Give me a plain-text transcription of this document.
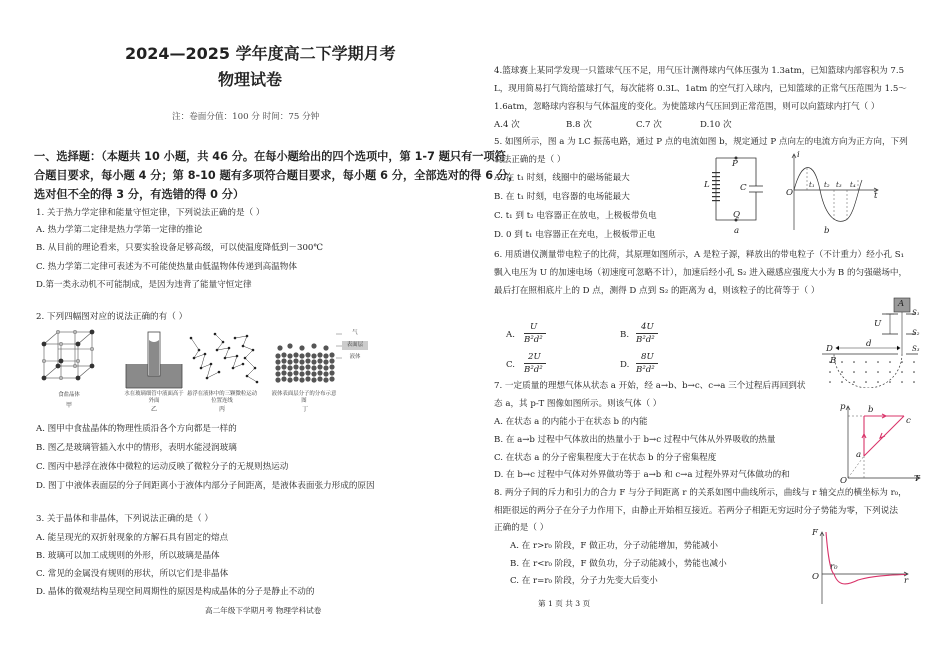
2024—2025 学年度高二下学期月考
物理试卷
注：卷面分值：100 分 时间：75 分钟
一、选择题：（本题共 10 小题，共 46 分。在每小题给出的四个选项中，第 1-7 题只有一项符
合题目要求，每小题 4 分；第 8-10 题有多项符合题目要求，每小题 6 分，全部选对的得 6 分，
选对但不全的得 3 分，有选错的得 0 分）
1. 关于热力学定律和能量守恒定律，下列说法正确的是（ ）
A. 热力学第二定律是热力学第一定律的推论
B. 从目前的理论看来，只要实验设备足够高级，可以使温度降低到－300℃
C. 热力学第二定律可表述为不可能使热量由低温物体传递到高温物体
D.第一类永动机不可能制成，是因为违背了能量守恒定律
2. 下列四幅图对应的说法正确的有（ ）
食盐晶体
甲
水在玻璃细管中液面高于外面
乙
悬浮在液体中的三颗微粒运动位置连线
丙
气
表面层
液体
液体表面层分子的分布示意图
丁
A. 图甲中食盐晶体的物理性质沿各个方向都是一样的
B. 图乙是玻璃管插入水中的情形，表明水能浸润玻璃
C. 图丙中悬浮在液体中微粒的运动反映了微粒分子的无规则热运动
D. 图丁中液体表面层的分子间距离小于液体内部分子间距离，是液体表面张力形成的原因
3. 关于晶体和非晶体，下列说法正确的是（ ）
A. 能呈现光的双折射现象的方解石具有固定的熔点
B. 玻璃可以加工成规则的外形，所以玻璃是晶体
C. 常见的金属没有规则的形状，所以它们是非晶体
D. 晶体的微观结构呈现空间周期性的原因是构成晶体的分子是静止不动的
高二年级下学期月考 物理学科试卷
4.篮球赛上某同学发现一只篮球气压不足，用气压计测得球内气体压强为 1.3atm，已知篮球内部容积为 7.5
L，现用简易打气筒给篮球打气，每次能将 0.3L、1atm 的空气打入球内，已知篮球的正常气压范围为 1.5～
1.6atm，忽略球内容积与气体温度的变化。为使篮球内气压回到正常范围，则可以向篮球内打气（ ）
A.4 次	B.8 次	C.7 次	D.10 次
5. 如图所示，图 a 为 LC 振荡电路，通过 P 点的电流如图 b，规定通过 P 点向左的电流方向为正方向，下列
说法正确的是（ ）
A. 在 t₁ 时刻，线圈中的磁场能最大
B. 在 t₁ 时刻，电容器的电场能最大
C. t₁ 到 t₂ 电容器正在放电，上极板带负电
D. 0 到 t₁ 电容器正在充电，上极板带正电
P
L	C
Q
a
i
O
t₁ t₂ t₃ t₄
t
b
6. 用质谱仪测量带电粒子的比荷，其原理如图所示，A 是粒子源，释放出的带电粒子（不计重力）经小孔 S₁
飘入电压为 U 的加速电场（初速度可忽略不计），加速后经小孔 S₂ 进入磁感应强度大小为 B 的匀强磁场中，
最后打在照相底片上的 D 点，测得 D 点到 S₂ 的距离为 d，则该粒子的比荷等于（ ）
A.
U
B²d²	B.
4U
B²d²
C.
2U
B²d²	D.
8U
B²d²
A
S₁
U
S₂
S₃
D	d
B
7. 一定质量的理想气体从状态 a 开始，经 a→b、b→c、c→a 三个过程后再回到状
态 a，其 p-T 图像如图所示。则该气体（ ）
A. 在状态 a 的内能小于在状态 b 的内能
B. 在 a→b 过程中气体放出的热量小于 b→c 过程中气体从外界吸收的热量
C. 在状态 a 的分子密集程度大于在状态 b 的分子密集程度
D. 在 b→c 过程中气体对外界做功等于 a→b 和 c→a 过程外界对气体做功的和
p	b
c
a
O	T
8. 两分子间的斥力和引力的合力 F 与分子间距离 r 的关系如图中曲线所示，曲线与 r 轴交点的横坐标为 r₀，
相距很远的两分子在分子力作用下，由静止开始相互接近。若两分子相距无穷远时分子势能为零，下列说法
正确的是（ ）
A. 在 r>r₀ 阶段，F 做正功，分子动能增加，势能减小
B. 在 r<r₀ 阶段，F 做负功，分子动能减小，势能也减小
C. 在 r=r₀ 阶段，分子力先变大后变小
F
r₀
O	r
第 1 页 共 3 页
